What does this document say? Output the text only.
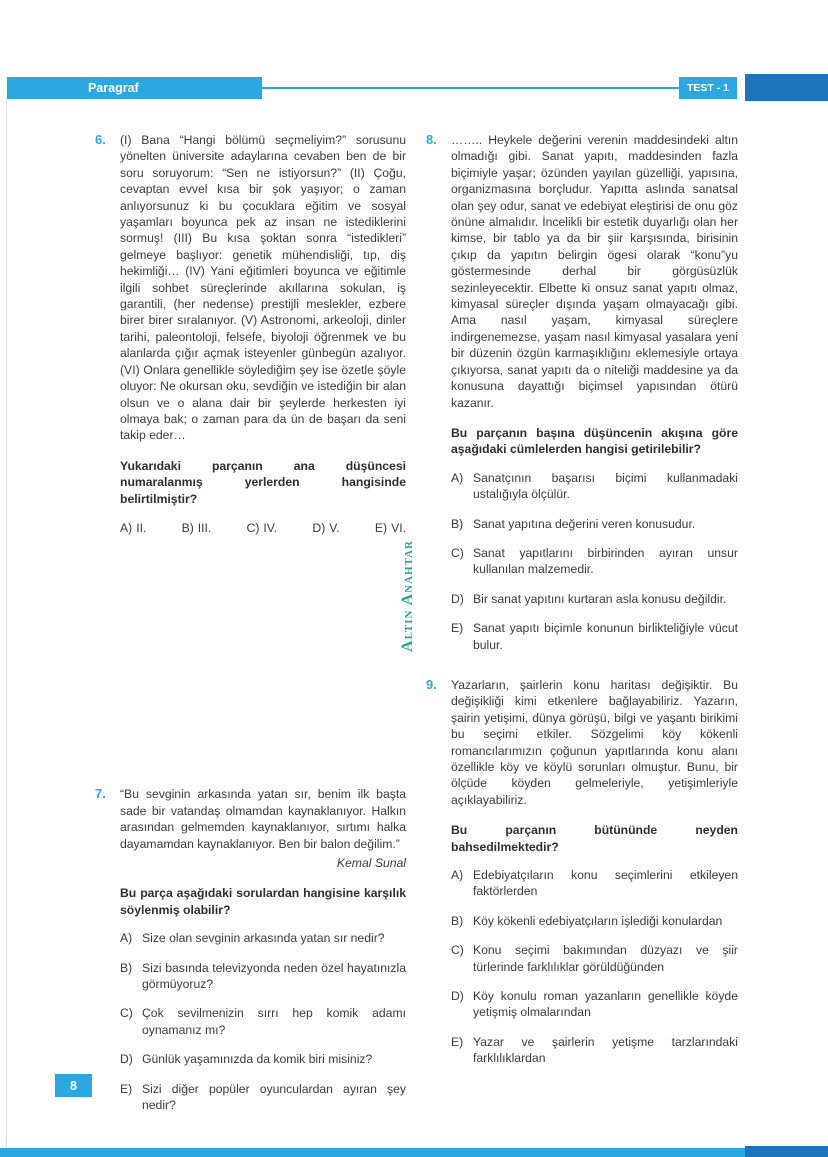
Paragraf	TEST - 1
6.	(I) Bana “Hangi bölümü seçmeliyim?” sorusunu yönelten üniversite adaylarına cevaben ben de bir soru soruyorum: “Sen ne istiyorsun?” (II) Çoğu, cevaptan evvel kısa bir şok yaşıyor; o zaman anlıyorsunuz ki bu çocuklara eğitim ve sosyal yaşamları boyunca pek az insan ne istediklerini sormuş! (III) Bu kısa şoktan sonra “istedikleri” gelmeye başlıyor: genetik mühendisliği, tıp, diş hekimliği… (IV) Yani eğitimleri boyunca ve eğitimle ilgili sohbet süreçlerinde akıllarına sokulan, iş garantili, (her nedense) prestijli meslekler, ezbere birer birer sıralanıyor. (V) Astronomi, arkeoloji, dinler tarihi, paleontoloji, felsefe, biyoloji öğrenmek ve bu alanlarda çığır açmak isteyenler günbegün azalıyor. (VI) Onlara genellikle söylediğim şey ise özetle şöyle oluyor: Ne okursan oku, sevdiğin ve istediğin bir alan olsun ve o alana dair bir şeylerde herkesten iyi olmaya bak; o zaman para da ün de başarı da seni takip eder…

Yukarıdaki parçanın ana düşüncesi numaralanmış yerlerden hangisinde belirtilmiştir?

A) II.	B) III.	C) IV.	D) V.	E) VI.
7.	“Bu sevginin arkasında yatan sır, benim ilk başta sade bir vatandaş olmamdan kaynaklanıyor. Halkın arasından gelmemden kaynaklanıyor, sırtımı halka dayamamdan kaynaklanıyor. Ben bir balon değilim.”

Kemal Sunal

Bu parça aşağıdaki sorulardan hangisine karşılık söylenmiş olabilir?

A) Size olan sevginin arkasında yatan sır nedir?
B) Sizi basında televizyonda neden özel hayatınızla görmüyoruz?
C) Çok sevilmenizin sırrı hep komik adamı oynamanız mı?
D) Günlük yaşamınızda da komik biri misiniz?
E) Sizi diğer popüler oyunculardan ayıran şey nedir?
8.	…….. Heykele değerini verenin maddesindeki altın olmadığı gibi. Sanat yapıtı, maddesinden fazla biçimiyle yaşar; özünden yayılan güzelliği, yapısına, organizmasına borçludur. Yapıtta aslında sanatsal olan şey odur, sanat ve edebiyat eleştirisi de onu göz önüne almalıdır. İncelikli bir estetik duyarlığı olan her kimse, bir tablo ya da bir şiir karşısında, birisinin çıkıp da yapıtın belirgin ögesi olarak “konu”yu göstermesinde derhal bir görgüsüzlük sezinleyecektir. Elbette ki onsuz sanat yapıtı olmaz, kimyasal süreçler dışında yaşam olmayacağı gibi. Ama nasıl yaşam, kimyasal süreçlere indirgenemezse, yaşam nasıl kimyasal yasalara yeni bir düzenin özgün karmaşıklığını eklemesiyle ortaya çıkıyorsa, sanat yapıtı da o niteliği maddesine ya da konusuna dayattığı biçimsel yapısından ötürü kazanır.

Bu parçanın başına düşüncenin akışına göre aşağıdaki cümlelerden hangisi getirilebilir?

A) Sanatçının başarısı biçimi kullanmadaki ustalığıyla ölçülür.
B) Sanat yapıtına değerini veren konusudur.
C) Sanat yapıtlarını birbirinden ayıran unsur kullanılan malzemedir.
D) Bir sanat yapıtını kurtaran asla konusu değildir.
E) Sanat yapıtı biçimle konunun birlikteliğiyle vücut bulur.
9.	Yazarların, şairlerin konu haritası değişiktir. Bu değişikliği kimi etkenlere bağlayabiliriz. Yazarın, şairin yetişimi, dünya görüşü, bilgi ve yaşantı birikimi bu seçimi etkiler. Sözgelimi köy kökenli romancılarımızın çoğunun yapıtlarında konu alanı özellikle köy ve köylü sorunları olmuştur. Bunu, bir ölçüde köyden gelmeleriyle, yetişimleriyle açıklayabiliriz.

Bu parçanın bütününde neyden bahsedilmektedir?

A) Edebiyatçıların konu seçimlerini etkileyen faktörlerden
B) Köy kökenli edebiyatçıların işlediği konulardan
C) Konu seçimi bakımından düzyazı ve şiir türlerinde farklılıklar görüldüğünden
D) Köy konulu roman yazanların genellikle köyde yetişmiş olmalarından
E) Yazar ve şairlerin yetişme tarzlarındaki farklılıklardan
Altın Anahtar
8
